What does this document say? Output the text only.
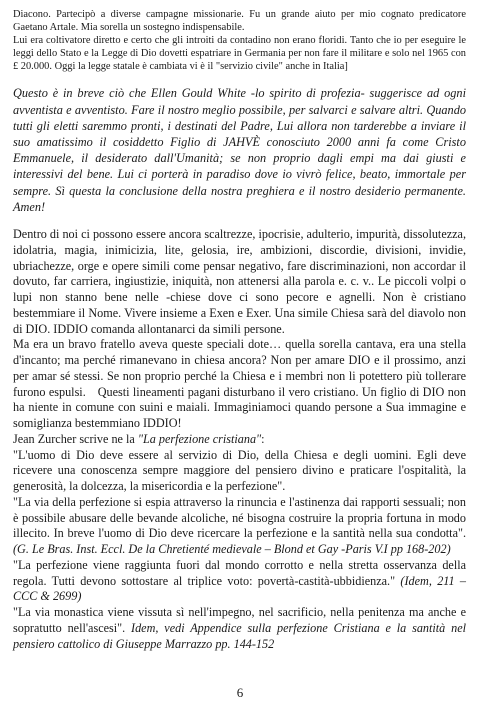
Diacono. Partecipò a diverse campagne missionarie. Fu un grande aiuto per mio cognato predicatore Gaetano Artale. Mia sorella un sostegno indispensabile.

Lui era coltivatore diretto e certo che gli introiti da contadino non erano floridi. Tanto che io per eseguire le leggi dello Stato e la Legge di Dio dovetti espatriare in Germania per non fare il militare e solo nel 1965 con £ 20.000. Oggi la legge statale è cambiata vi è il "servizio civile" anche in Italia]

Questo è in breve ciò che Ellen Gould White -lo spirito di profezia- suggerisce ad ogni avventista e avventisto. Fare il nostro meglio possibile, per salvarci e salvare altri. Quando tutti gli eletti saremmo pronti, i destinati del Padre, Lui allora non tarderebbe a inviare il suo amatissimo il cosiddetto Figlio di JAHVÈ conosciuto 2000 anni fa come Cristo Emmanuele, il desiderato dall'Umanità; se non proprio dagli empi ma dai giusti e interessivi del bene. Lui ci porterà in paradiso dove io vivrò felice, beato, immortale per sempre. Sì questa la conclusione della nostra preghiera e il nostro desiderio permanente. Amen!

Dentro di noi ci possono essere ancora scaltrezze, ipocrisie, adulterio, impurità, dissolutezza, idolatria, magia, inimicizia, lite, gelosia, ire, ambizioni, discordie, divisioni, invidie, ubriachezze, orge e opere simili come pensar negativo, fare discriminazioni, non accordar il dovuto, far carriera, ingiustizie, iniquità, non attenersi alla parola e. c. v.. Le piccoli volpi o lupi non stanno bene nelle -chiese dove ci sono pecore e agnelli. Non è cristiano bestemmiare il Nome. Vivere insieme a Exen e Exer. Una simile Chiesa sarà del diavolo non di DIO. IDDIO comanda allontanarci da simili persone.

Ma era un bravo fratello aveva queste speciali dote… quella sorella cantava, era una stella d'incanto; ma perché rimanevano in chiesa ancora? Non per amare DIO e il prossimo, anzi per amar sé stessi. Se non proprio perché la Chiesa e i membri non li potettero più tollerare furono espulsi. Questi lineamenti pagani disturbano il vero cristiano. Un figlio di DIO non ha niente in comune con suini e maiali. Immaginiamoci quando persone a Sua immagine e somiglianza bestemmiano IDDIO!

Jean Zurcher scrive ne la "La perfezione cristiana":

"L'uomo di Dio deve essere al servizio di Dio, della Chiesa e degli uomini. Egli deve ricevere una conoscenza sempre maggiore del pensiero divino e praticare l'ospitalità, la generosità, la dolcezza, la misericordia e la perfezione".

"La via della perfezione si espia attraverso la rinuncia e l'astinenza dai rapporti sessuali; non è possibile abusare delle bevande alcoliche, né bisogna costruire la propria fortuna in modo illecito. In breve l'uomo di Dio deve ricercare la perfezione e la santità nella sua condotta". (G. Le Bras. Inst. Eccl. De la Chretienté medievale – Blond et Gay -Paris V.I pp 168-202)

"La perfezione viene raggiunta fuori dal mondo corrotto e nella stretta osservanza della regola. Tutti devono sottostare al triplice voto: povertà-castità-ubbidienza." (Idem, 211 – CCC & 2699)

"La via monastica viene vissuta sì nell'impegno, nel sacrificio, nella penitenza ma anche e sopratutto nell'ascesi". Idem, vedi Appendice sulla perfezione Cristiana e la santità nel pensiero cattolico di Giuseppe Marrazzo pp. 144-152

6
